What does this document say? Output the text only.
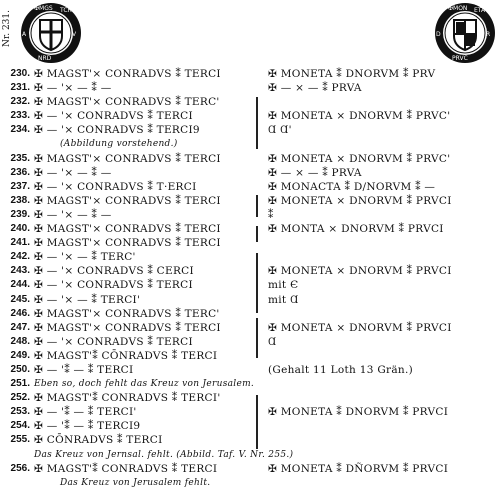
Nr. 231.
✠MGS TCR
A	V
NRD
✠MON ETA
D	R
PRVC
230. ✠ MAGST'× CONRADVS ⁑ TERCI	✠ MONETA ⁑ DNORVM ⁑ PRV
231. ✠ — '× — ⁑ —	✠ — × — ⁑ PRVA
232. ✠ MAGST'× CONRADVS ⁑ TERC'
233. ✠ — '× CONRADVS ⁑ TERCI	✠ MONETA × DNORVM ⁑ PRVC'
234. ✠ — '× CONRADVS ⁑ TERCI9	Ɑ Ɑ'
(Abbildung vorstehend.)
235. ✠ MAGST'× CONRADVS ⁑ TERCI	✠ MONETA × DNORVM ⁑ PRVC'
236. ✠ — '× — ⁑ —	✠ — × — ⁑ PRVA
237. ✠ — '× CONRADVS ⁑ T·ERCI	✠ MONACTA ⁑ D/NORVM ⁑ —
238. ✠ MAGST'× CONRADVS ⁑ TERCI	✠ MONETA × DNORVM ⁑ PRVCI
239. ✠ — '× — ⁑ —	⁑
240. ✠ MAGST'× CONRADVS ⁑ TERCI	✠ MONTA × DNORVM ⁑ PRVCI
241. ✠ MAGST'× CONRADVS ⁑ TERCI
242. ✠ — '× — ⁑ TERC'
243. ✠ — '× CONRADVS ⁑ CERCI	✠ MONETA × DNORVM ⁑ PRVCI
244. ✠ — '× CONRADVS ⁑ TERCI	mit Є
245. ✠ — '× — ⁑ TERCI'	mit Ɑ
246. ✠ MAGST'× CONRADVS ⁑ TERC'
247. ✠ MAGST'× CONRADVS ⁑ TERCI	✠ MONETA × DNORVM ⁑ PRVCI
248. ✠ — '× CONRADVS ⁑ TERCI	Ɑ
249. ✠ MAGST'⁑ CŌNRADVS ⁑ TERCI
250. ✠ — '⁑ — ⁑ TERCI	(Gehalt 11 Loth 13 Grän.)
251. Eben so, doch fehlt das Kreuz von Jerusalem.
252. ✠ MAGST'⁑ CONRADVS ⁑ TERCI'
253. ✠ — '⁑ — ⁑ TERCI'	✠ MONETA ⁑ DNORVM ⁑ PRVCI
254. ✠ — '⁑ — ⁑ TERCI9
255. ✠ CŌNRADVS ⁑ TERCI
Das Kreuz von Jernsal. fehlt. (Abbild. Taf. V. Nr. 255.)
256. ✠ MAGST'⁑ CONRADVS ⁑ TERCI	✠ MONETA ⁑ DÑORVM ⁑ PRVCI
Das Kreuz von Jerusalem fehlt.
